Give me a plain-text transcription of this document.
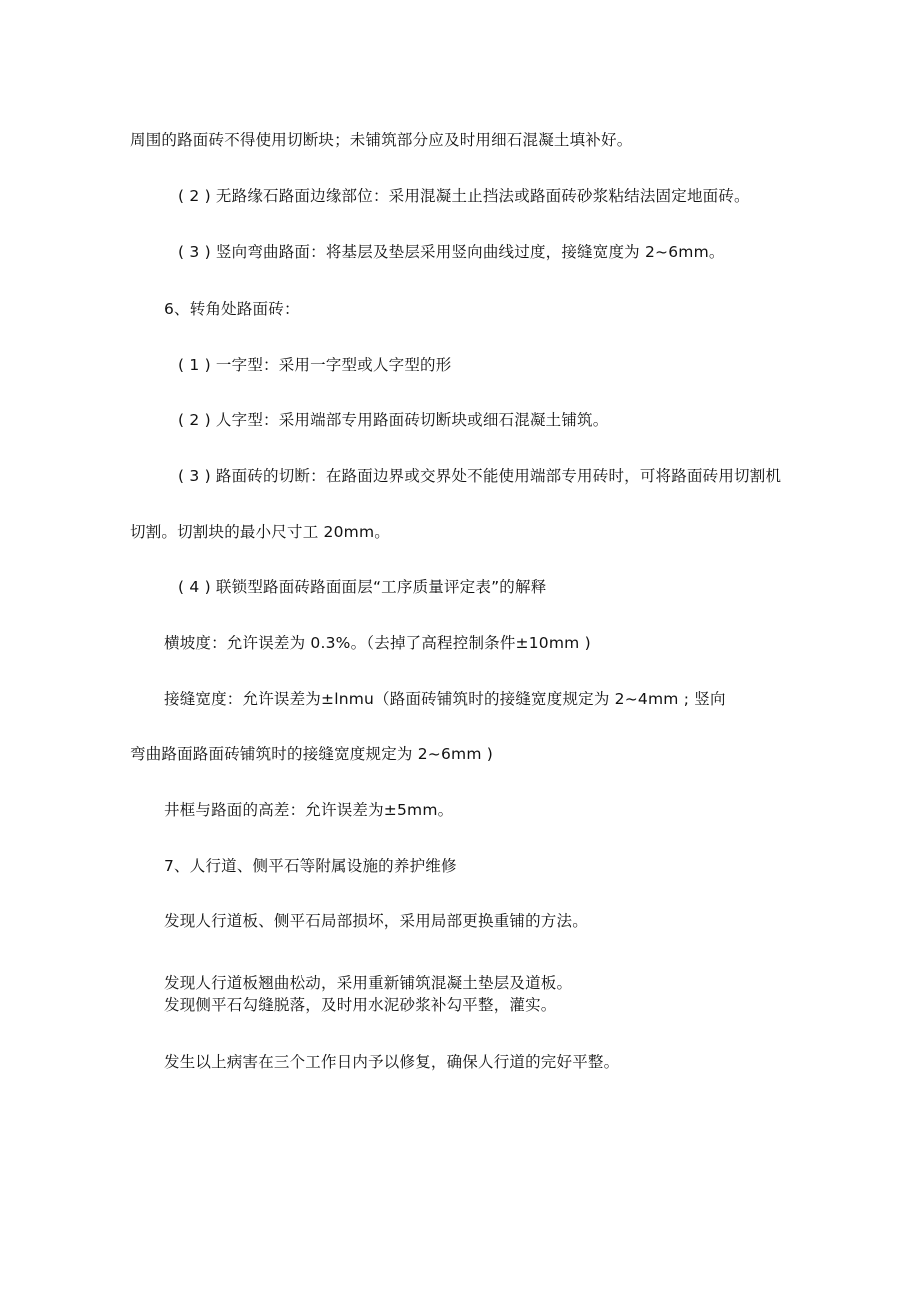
周围的路面砖不得使用切断块；未铺筑部分应及时用细石混凝土填补好。
( 2 ) 无路缘石路面边缘部位：采用混凝土止挡法或路面砖砂浆粘结法固定地面砖。
( 3 ) 竖向弯曲路面：将基层及垫层采用竖向曲线过度，接缝宽度为 2~6mm。
6、转角处路面砖：
( 1 ) 一字型：采用一字型或人字型的形
( 2 ) 人字型：采用端部专用路面砖切断块或细石混凝土铺筑。
( 3 ) 路面砖的切断：在路面边界或交界处不能使用端部专用砖时，可将路面砖用切割机
切割。切割块的最小尺寸工 20mm。
( 4 ) 联锁型路面砖路面面层“工序质量评定表”的解释
横坡度：允许误差为 0.3%。（去掉了高程控制条件±10mm )
接缝宽度：允许误差为±lnmu（路面砖铺筑时的接缝宽度规定为 2~4mm ; 竖向
弯曲路面路面砖铺筑时的接缝宽度规定为 2~6mm )
井框与路面的高差：允许误差为±5mm。
7、人行道、侧平石等附属设施的养护维修
发现人行道板、侧平石局部损坏，采用局部更换重铺的方法。
发现人行道板翘曲松动，采用重新铺筑混凝土垫层及道板。
发现侧平石勾缝脱落，及时用水泥砂浆补勾平整，灌实。
发生以上病害在三个工作日内予以修复，确保人行道的完好平整。
